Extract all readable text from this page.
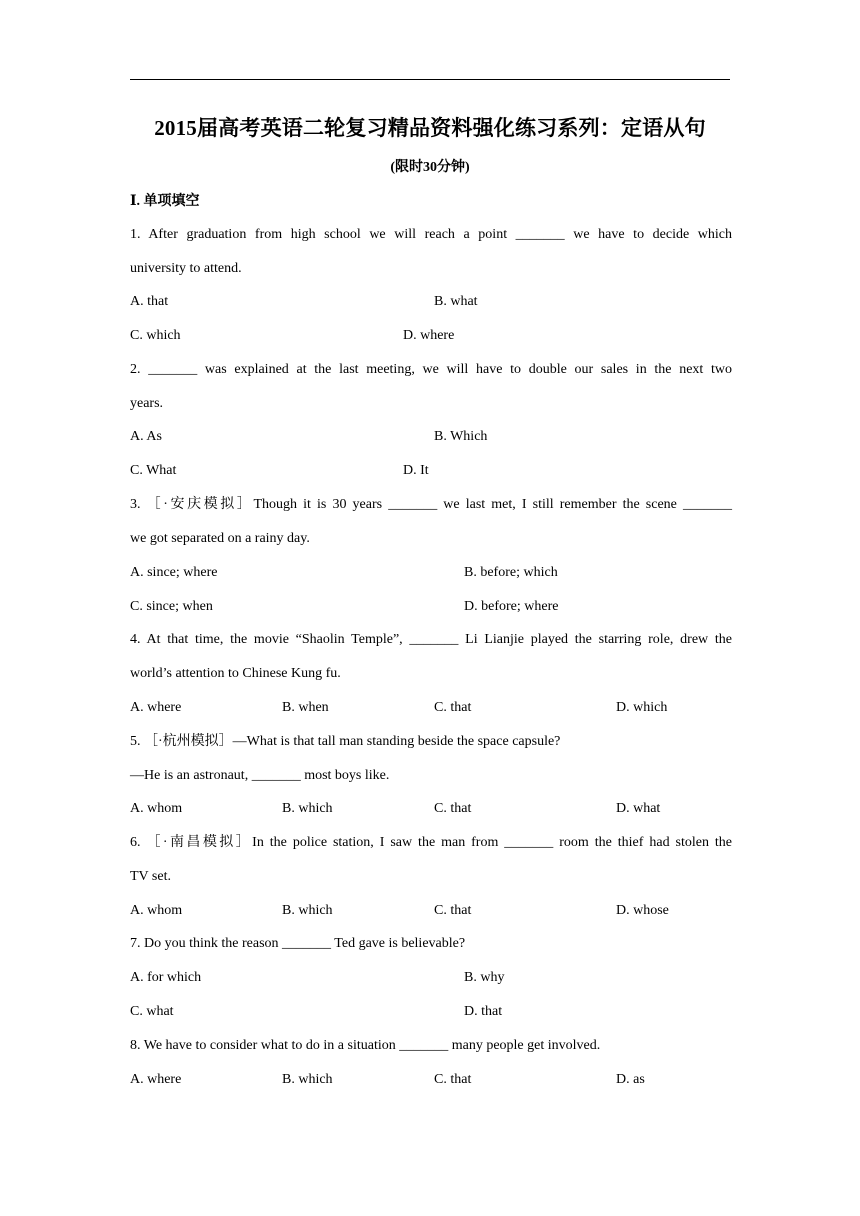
2015届高考英语二轮复习精品资料强化练习系列：定语从句
(限时30分钟)
Ⅰ. 单项填空
1. After graduation from high school we will reach a point _______ we have to decide which
university to attend.
A. that	B. what
C. which	D. where
2. _______ was explained at the last meeting, we will have to double our sales in the next two
years.
A. As	B. Which
C. What	D. It
3. ［·安庆模拟］Though it is 30 years _______ we last met, I still remember the scene _______
we got separated on a rainy day.
A. since; where	B. before; which
C. since; when	D. before; where
4. At that time, the movie “Shaolin Temple”, _______ Li Lianjie played the starring role, drew the
world’s attention to Chinese Kung fu.
A. where	B. when	C. that	D. which
5. ［·杭州模拟］—What is that tall man standing beside the space capsule?
—He is an astronaut, _______ most boys like.
A. whom	B. which	C. that	D. what
6. ［·南昌模拟］In the police station, I saw the man from _______ room the thief had stolen the
TV set.
A. whom	B. which	C. that	D. whose
7. Do you think the reason _______ Ted gave is believable?
A. for which	B. why
C. what	D. that
8. We have to consider what to do in a situation _______ many people get involved.
A. where	B. which	C. that	D. as
